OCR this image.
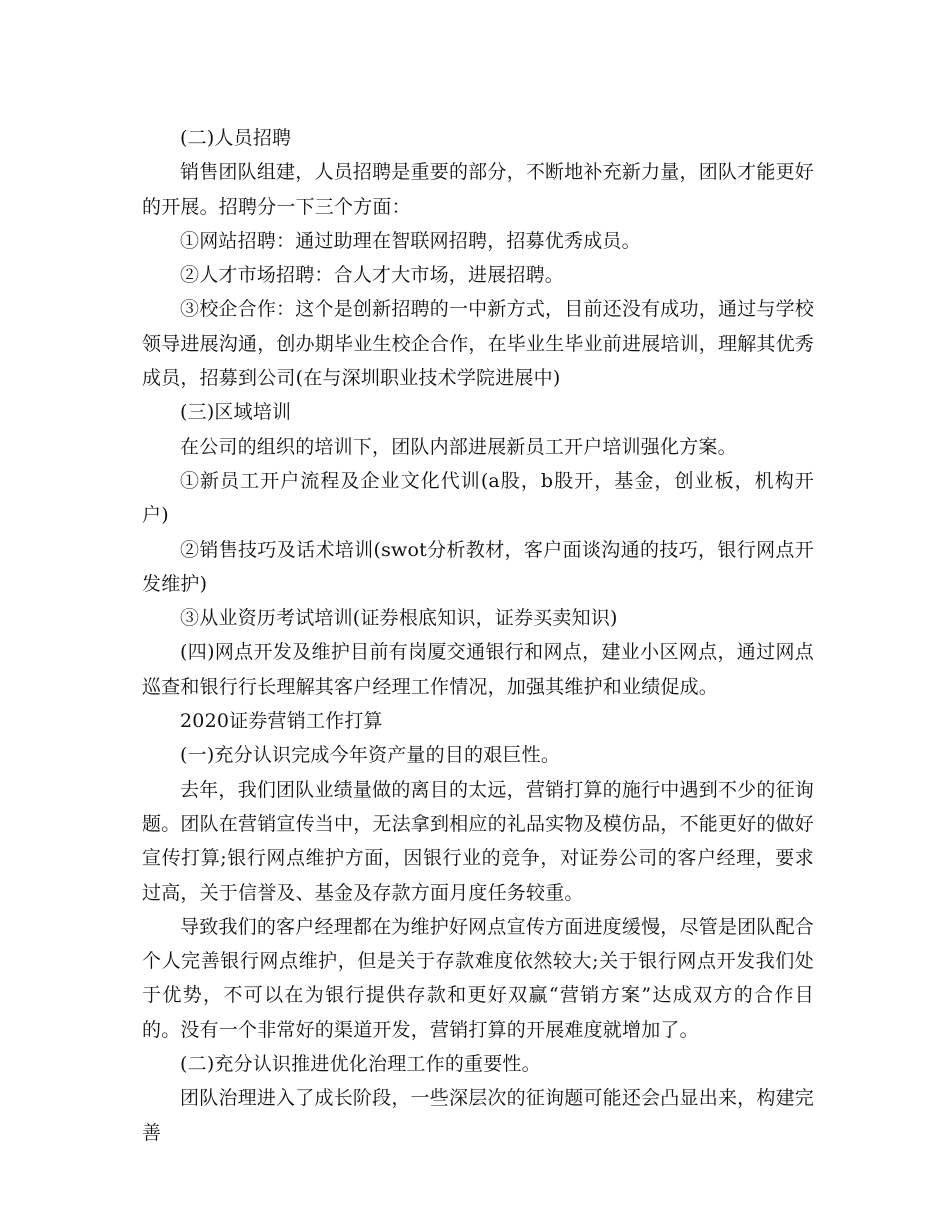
(二)人员招聘

销售团队组建，人员招聘是重要的部分，不断地补充新力量，团队才能更好的开展。招聘分一下三个方面：

①网站招聘：通过助理在智联网招聘，招募优秀成员。

②人才市场招聘：合人才大市场，进展招聘。

③校企合作：这个是创新招聘的一中新方式，目前还没有成功，通过与学校领导进展沟通，创办期毕业生校企合作，在毕业生毕业前进展培训，理解其优秀成员，招募到公司(在与深圳职业技术学院进展中)

(三)区域培训

在公司的组织的培训下，团队内部进展新员工开户培训强化方案。

①新员工开户流程及企业文化代训(a股，b股开，基金，创业板，机构开户)

②销售技巧及话术培训(swot分析教材，客户面谈沟通的技巧，银行网点开发维护)

③从业资历考试培训(证券根底知识，证券买卖知识)

(四)网点开发及维护目前有岗厦交通银行和网点，建业小区网点，通过网点巡查和银行行长理解其客户经理工作情况，加强其维护和业绩促成。

2020证券营销工作打算

(一)充分认识完成今年资产量的目的艰巨性。

去年，我们团队业绩量做的离目的太远，营销打算的施行中遇到不少的征询题。团队在营销宣传当中，无法拿到相应的礼品实物及模仿品，不能更好的做好宣传打算;银行网点维护方面，因银行业的竞争，对证券公司的客户经理，要求过高，关于信誉及、基金及存款方面月度任务较重。

导致我们的客户经理都在为维护好网点宣传方面进度缓慢，尽管是团队配合个人完善银行网点维护，但是关于存款难度依然较大;关于银行网点开发我们处于优势，不可以在为银行提供存款和更好双赢“营销方案”达成双方的合作目的。没有一个非常好的渠道开发，营销打算的开展难度就增加了。

(二)充分认识推进优化治理工作的重要性。

团队治理进入了成长阶段，一些深层次的征询题可能还会凸显出来，构建完善
